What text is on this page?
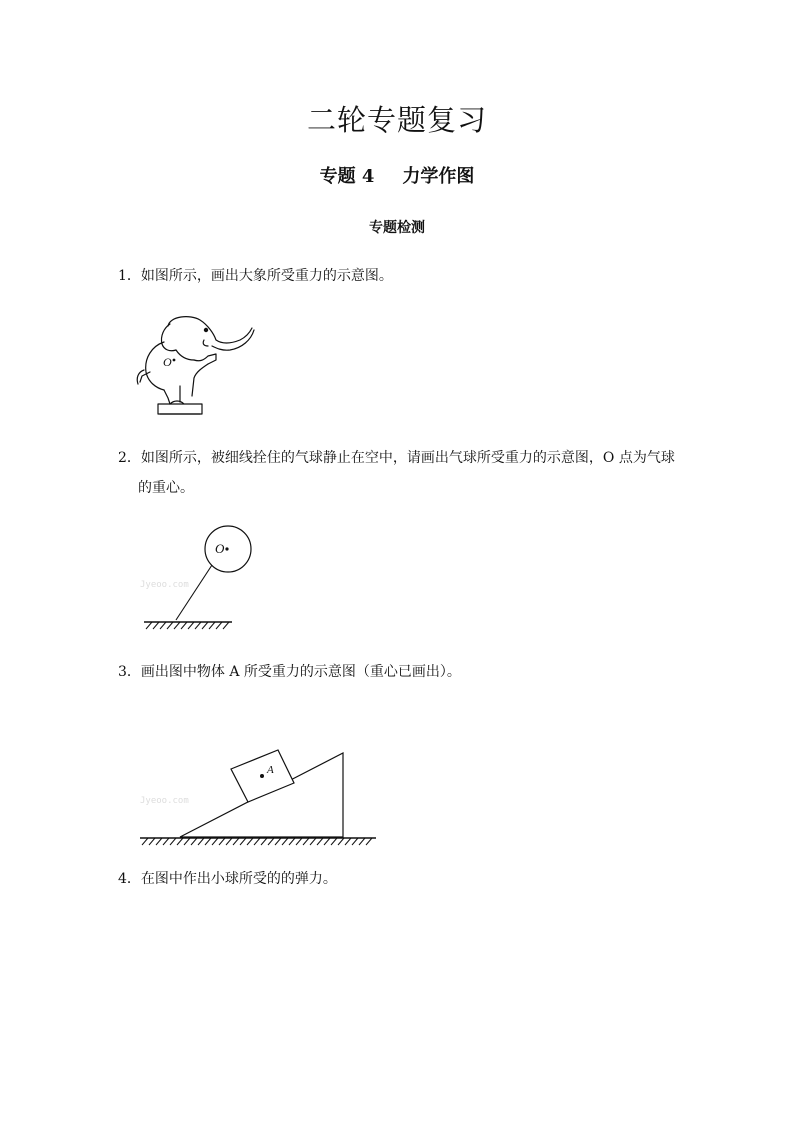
二轮专题复习
专题 4 力学作图
专题检测
1．如图所示，画出大象所受重力的示意图。
O
2．如图所示，被细线拴住的气球静止在空中，请画出气球所受重力的示意图，O 点为气球
的重心。
Jyeoo.com
O
3．画出图中物体 A 所受重力的示意图（重心已画出）。
Jyeoo.com
A
4．在图中作出小球所受的的弹力。
